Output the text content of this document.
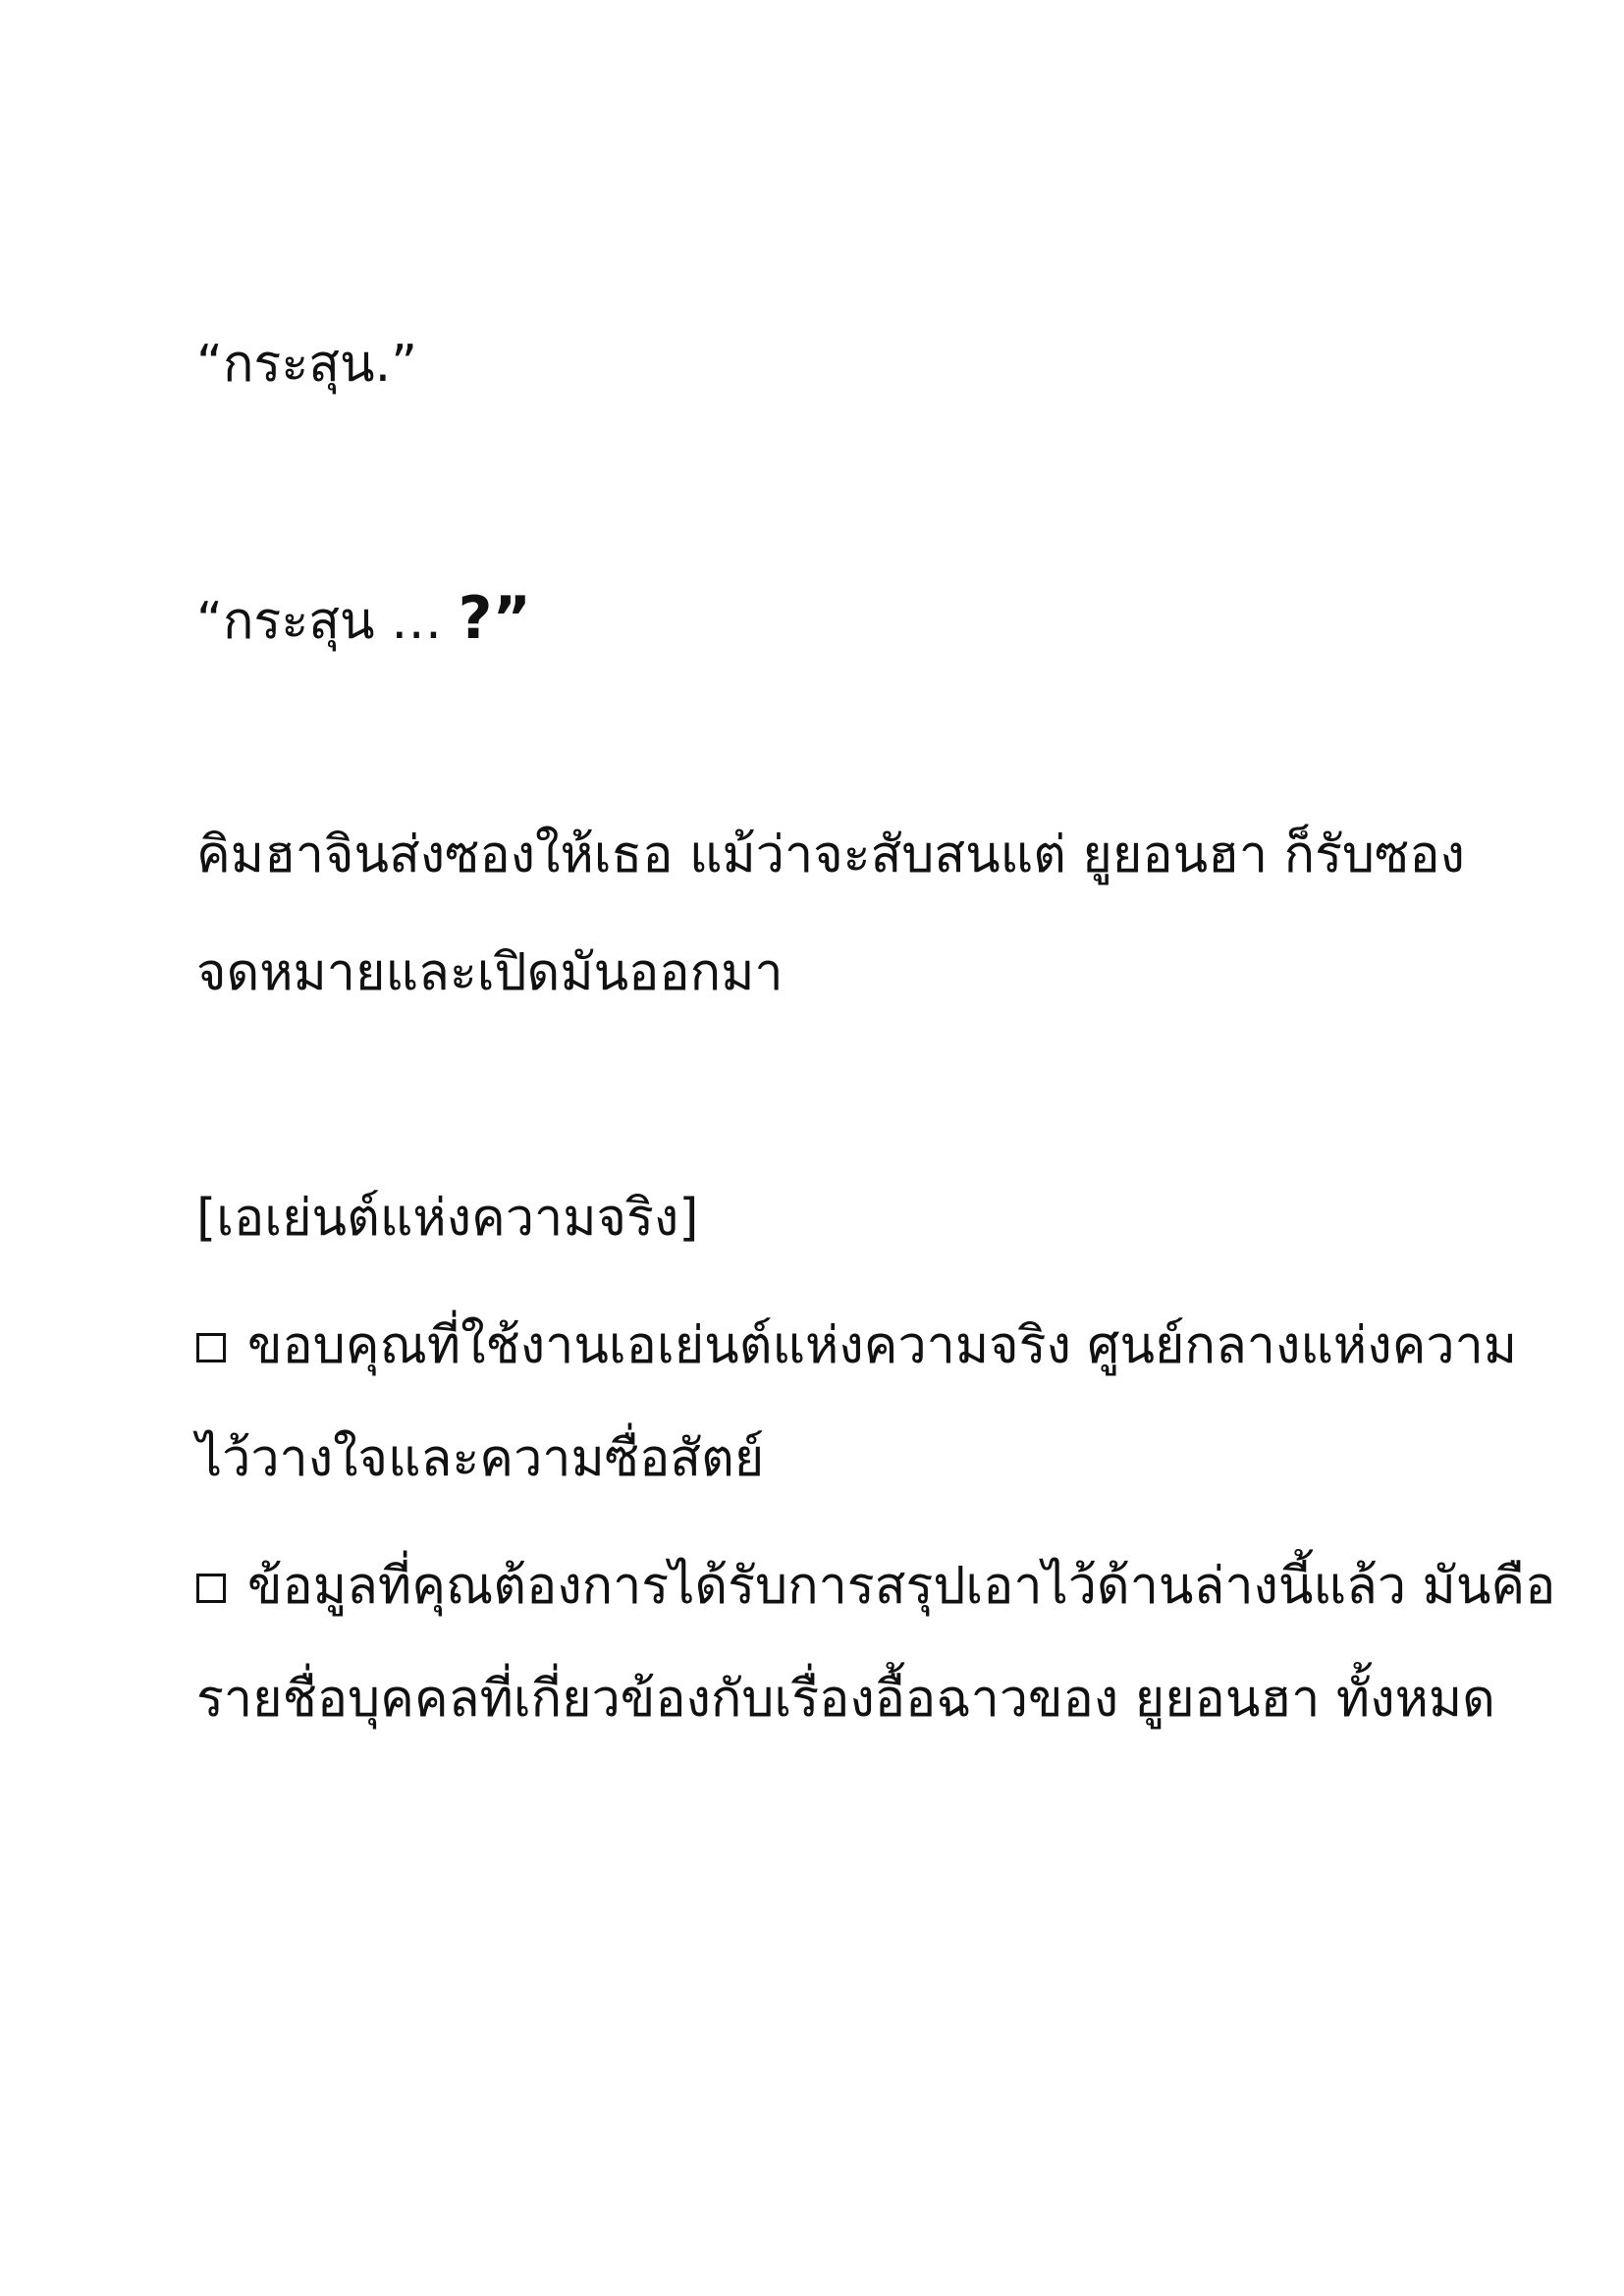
“กระสุน.”
“กระสุน … ?”
คิมฮาจินส่งซองให้เธอ แม้ว่าจะสับสนแต่ ยูยอนฮา ก็รับซอง
จดหมายและเปิดมันออกมา
[เอเย่นต์แห่งความจริง]
ขอบคุณที่ใช้งานเอเย่นต์แห่งความจริง ศูนย์กลางแห่งความ
ไว้วางใจและความซื่อสัตย์
ข้อมูลที่คุณต้องการได้รับการสรุปเอาไว้ด้านล่างนี้แล้ว มันคือ
รายชื่อบุคคลที่เกี่ยวข้องกับเรื่องอื้อฉาวของ ยูยอนฮา ทั้งหมด
